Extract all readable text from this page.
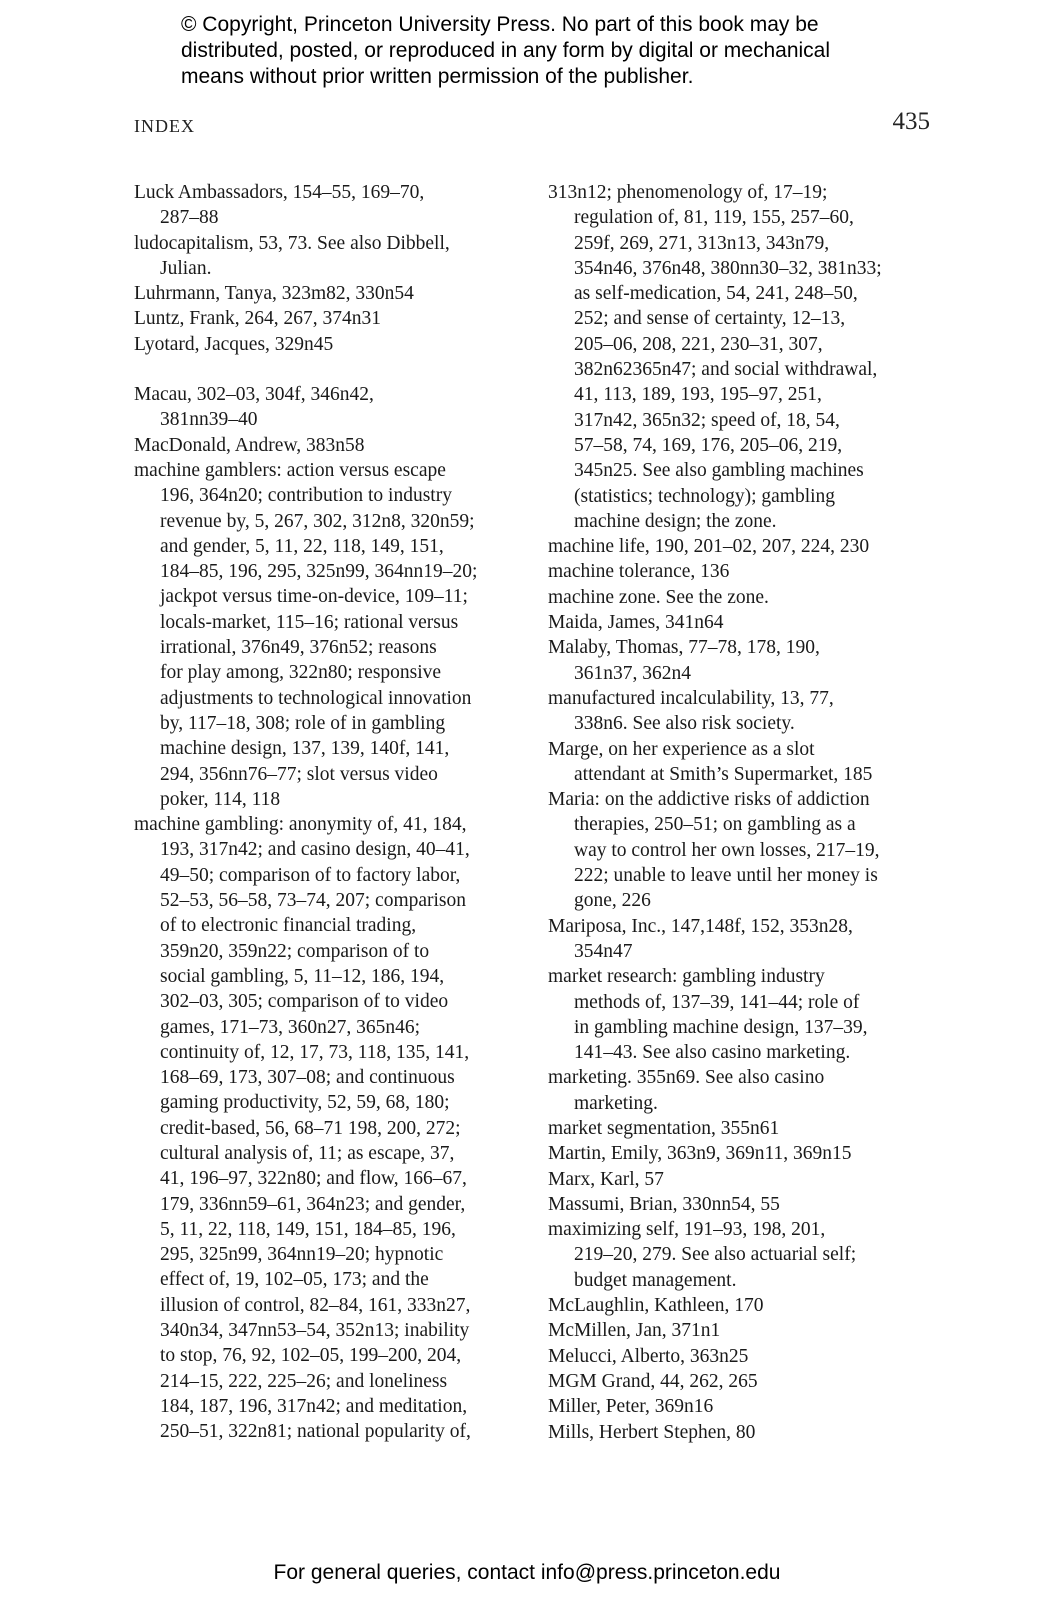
© Copyright, Princeton University Press. No part of this book may be
distributed, posted, or reproduced in any form by digital or mechanical
means without prior written permission of the publisher.
INDEX	435
Luck Ambassadors, 154–55, 169–70,
287–88
ludocapitalism, 53, 73. See also Dibbell,
Julian.
Luhrmann, Tanya, 323m82, 330n54
Luntz, Frank, 264, 267, 374n31
Lyotard, Jacques, 329n45
Macau, 302–03, 304f, 346n42,
381nn39–40
MacDonald, Andrew, 383n58
machine gamblers: action versus escape
196, 364n20; contribution to industry
revenue by, 5, 267, 302, 312n8, 320n59;
and gender, 5, 11, 22, 118, 149, 151,
184–85, 196, 295, 325n99, 364nn19–20;
jackpot versus time-on-device, 109–11;
locals-market, 115–16; rational versus
irrational, 376n49, 376n52; reasons
for play among, 322n80; responsive
adjustments to technological innovation
by, 117–18, 308; role of in gambling
machine design, 137, 139, 140f, 141,
294, 356nn76–77; slot versus video
poker, 114, 118
machine gambling: anonymity of, 41, 184,
193, 317n42; and casino design, 40–41,
49–50; comparison of to factory labor,
52–53, 56–58, 73–74, 207; comparison
of to electronic financial trading,
359n20, 359n22; comparison of to
social gambling, 5, 11–12, 186, 194,
302–03, 305; comparison of to video
games, 171–73, 360n27, 365n46;
continuity of, 12, 17, 73, 118, 135, 141,
168–69, 173, 307–08; and continuous
gaming productivity, 52, 59, 68, 180;
credit-based, 56, 68–71 198, 200, 272;
cultural analysis of, 11; as escape, 37,
41, 196–97, 322n80; and flow, 166–67,
179, 336nn59–61, 364n23; and gender,
5, 11, 22, 118, 149, 151, 184–85, 196,
295, 325n99, 364nn19–20; hypnotic
effect of, 19, 102–05, 173; and the
illusion of control, 82–84, 161, 333n27,
340n34, 347nn53–54, 352n13; inability
to stop, 76, 92, 102–05, 199–200, 204,
214–15, 222, 225–26; and loneliness
184, 187, 196, 317n42; and meditation,
250–51, 322n81; national popularity of,
313n12; phenomenology of, 17–19;
regulation of, 81, 119, 155, 257–60,
259f, 269, 271, 313n13, 343n79,
354n46, 376n48, 380nn30–32, 381n33;
as self-medication, 54, 241, 248–50,
252; and sense of certainty, 12–13,
205–06, 208, 221, 230–31, 307,
382n62365n47; and social withdrawal,
41, 113, 189, 193, 195–97, 251,
317n42, 365n32; speed of, 18, 54,
57–58, 74, 169, 176, 205–06, 219,
345n25. See also gambling machines
(statistics; technology); gambling
machine design; the zone.
machine life, 190, 201–02, 207, 224, 230
machine tolerance, 136
machine zone. See the zone.
Maida, James, 341n64
Malaby, Thomas, 77–78, 178, 190,
361n37, 362n4
manufactured incalculability, 13, 77,
338n6. See also risk society.
Marge, on her experience as a slot
attendant at Smith’s Supermarket, 185
Maria: on the addictive risks of addiction
therapies, 250–51; on gambling as a
way to control her own losses, 217–19,
222; unable to leave until her money is
gone, 226
Mariposa, Inc., 147,148f, 152, 353n28,
354n47
market research: gambling industry
methods of, 137–39, 141–44; role of
in gambling machine design, 137–39,
141–43. See also casino marketing.
marketing. 355n69. See also casino
marketing.
market segmentation, 355n61
Martin, Emily, 363n9, 369n11, 369n15
Marx, Karl, 57
Massumi, Brian, 330nn54, 55
maximizing self, 191–93, 198, 201,
219–20, 279. See also actuarial self;
budget management.
McLaughlin, Kathleen, 170
McMillen, Jan, 371n1
Melucci, Alberto, 363n25
MGM Grand, 44, 262, 265
Miller, Peter, 369n16
Mills, Herbert Stephen, 80
For general queries, contact info@press.princeton.edu
